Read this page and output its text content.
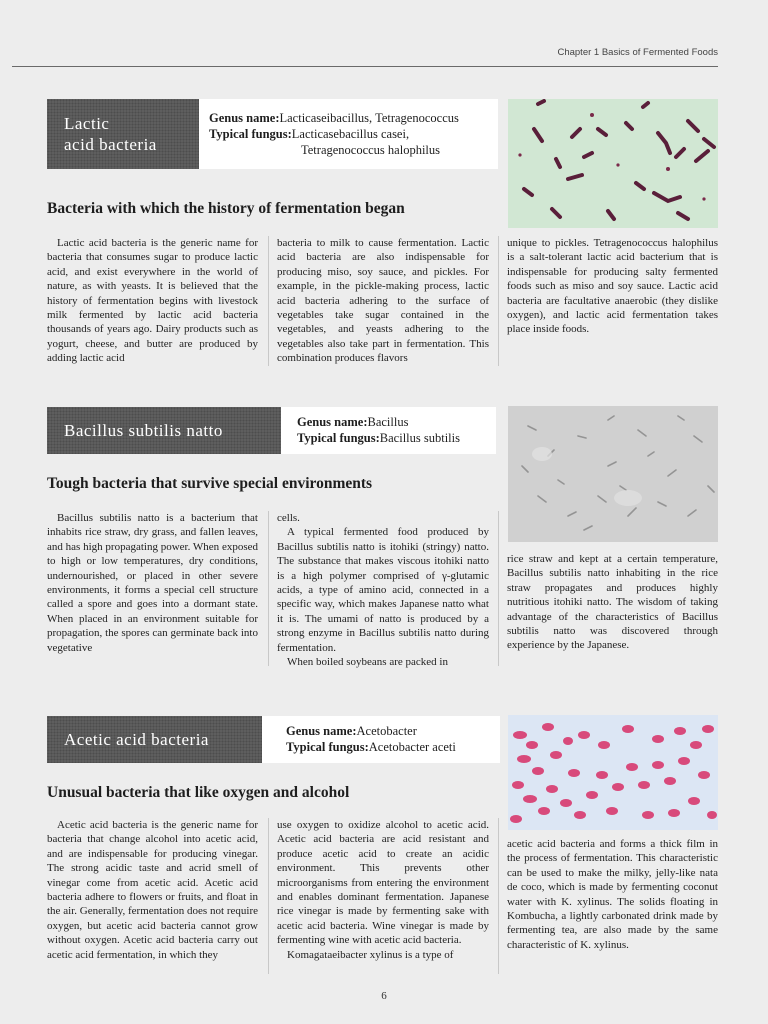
Chapter 1 Basics of Fermented Foods
Lactic
acid bacteria
Genus name:Lacticaseibacillus, Tetragenococcus
Typical fungus:Lacticasebacillus casei,
Tetragenococcus halophilus
Bacteria with which the history of fermentation began

Lactic acid bacteria is the generic name for bacteria that consumes sugar to produce lactic acid, and exist everywhere in the world of nature, as with yeasts. It is believed that the history of fermentation begins with livestock milk fermented by lactic acid bacteria thousands of years ago. Dairy products such as yogurt, cheese, and butter are produced by adding lactic acid

bacteria to milk to cause fermentation. Lactic acid bacteria are also indispensable for producing miso, soy sauce, and pickles. For example, in the pickle-making process, lactic acid bacteria adhering to the surface of vegetables take sugar contained in the vegetables, and yeasts adhering to the vegetables also take part in fermentation. This combination produces flavors

unique to pickles. Tetragenococcus halophilus is a salt-tolerant lactic acid bacterium that is indispensable for producing salty fermented foods such as miso and soy sauce. Lactic acid bacteria are facultative anaerobic (they dislike oxygen), and lactic acid fermentation takes place inside foods.

Bacillus subtilis natto	Genus name:Bacillus
Typical fungus:Bacillus subtilis
Tough bacteria that survive special environments

Bacillus subtilis natto is a bacterium that inhabits rice straw, dry grass, and fallen leaves, and has high propagating power. When exposed to high or low temperatures, dry conditions, undernourished, or placed in other severe environments, it forms a special cell structure called a spore and goes into a dormant state. When placed in an environment suitable for propagation, the spores can germinate back into vegetative

cells.

A typical fermented food produced by Bacillus subtilis natto is itohiki (stringy) natto. The substance that makes viscous itohiki natto is a high polymer comprised of γ-glutamic acids, a type of amino acid, connected in a specific way, which makes Japanese natto what it is. The umami of natto is produced by a strong enzyme in Bacillus subtilis natto during fermentation.

When boiled soybeans are packed in

rice straw and kept at a certain temperature, Bacillus subtilis natto inhabiting in the rice straw propagates and produces highly nutritious itohiki natto. The wisdom of taking advantage of the characteristics of Bacillus subtilis natto was discovered through experience by the Japanese.

Acetic acid bacteria	Genus name:Acetobacter
Typical fungus:Acetobacter aceti
Unusual bacteria that like oxygen and alcohol

Acetic acid bacteria is the generic name for bacteria that change alcohol into acetic acid, and are indispensable for producing vinegar. The strong acidic taste and acrid smell of vinegar come from acetic acid. Acetic acid bacteria adhere to flowers or fruits, and float in the air. Generally, fermentation does not require oxygen, but acetic acid bacteria cannot grow without oxygen. Acetic acid bacteria carry out acetic acid fermentation, in which they

use oxygen to oxidize alcohol to acetic acid. Acetic acid bacteria are acid resistant and produce acetic acid to create an acidic environment. This prevents other microorganisms from entering the environment and enables dominant fermentation. Japanese rice vinegar is made by fermenting sake with acetic acid bacteria. Wine vinegar is made by fermenting wine with acetic acid bacteria.

Komagataeibacter xylinus is a type of

acetic acid bacteria and forms a thick film in the process of fermentation. This characteristic can be used to make the milky, jelly-like nata de coco, which is made by fermenting coconut water with K. xylinus. The solids floating in Kombucha, a lightly carbonated drink made by fermenting tea, are also made by the same characteristic of K. xylinus.

6
